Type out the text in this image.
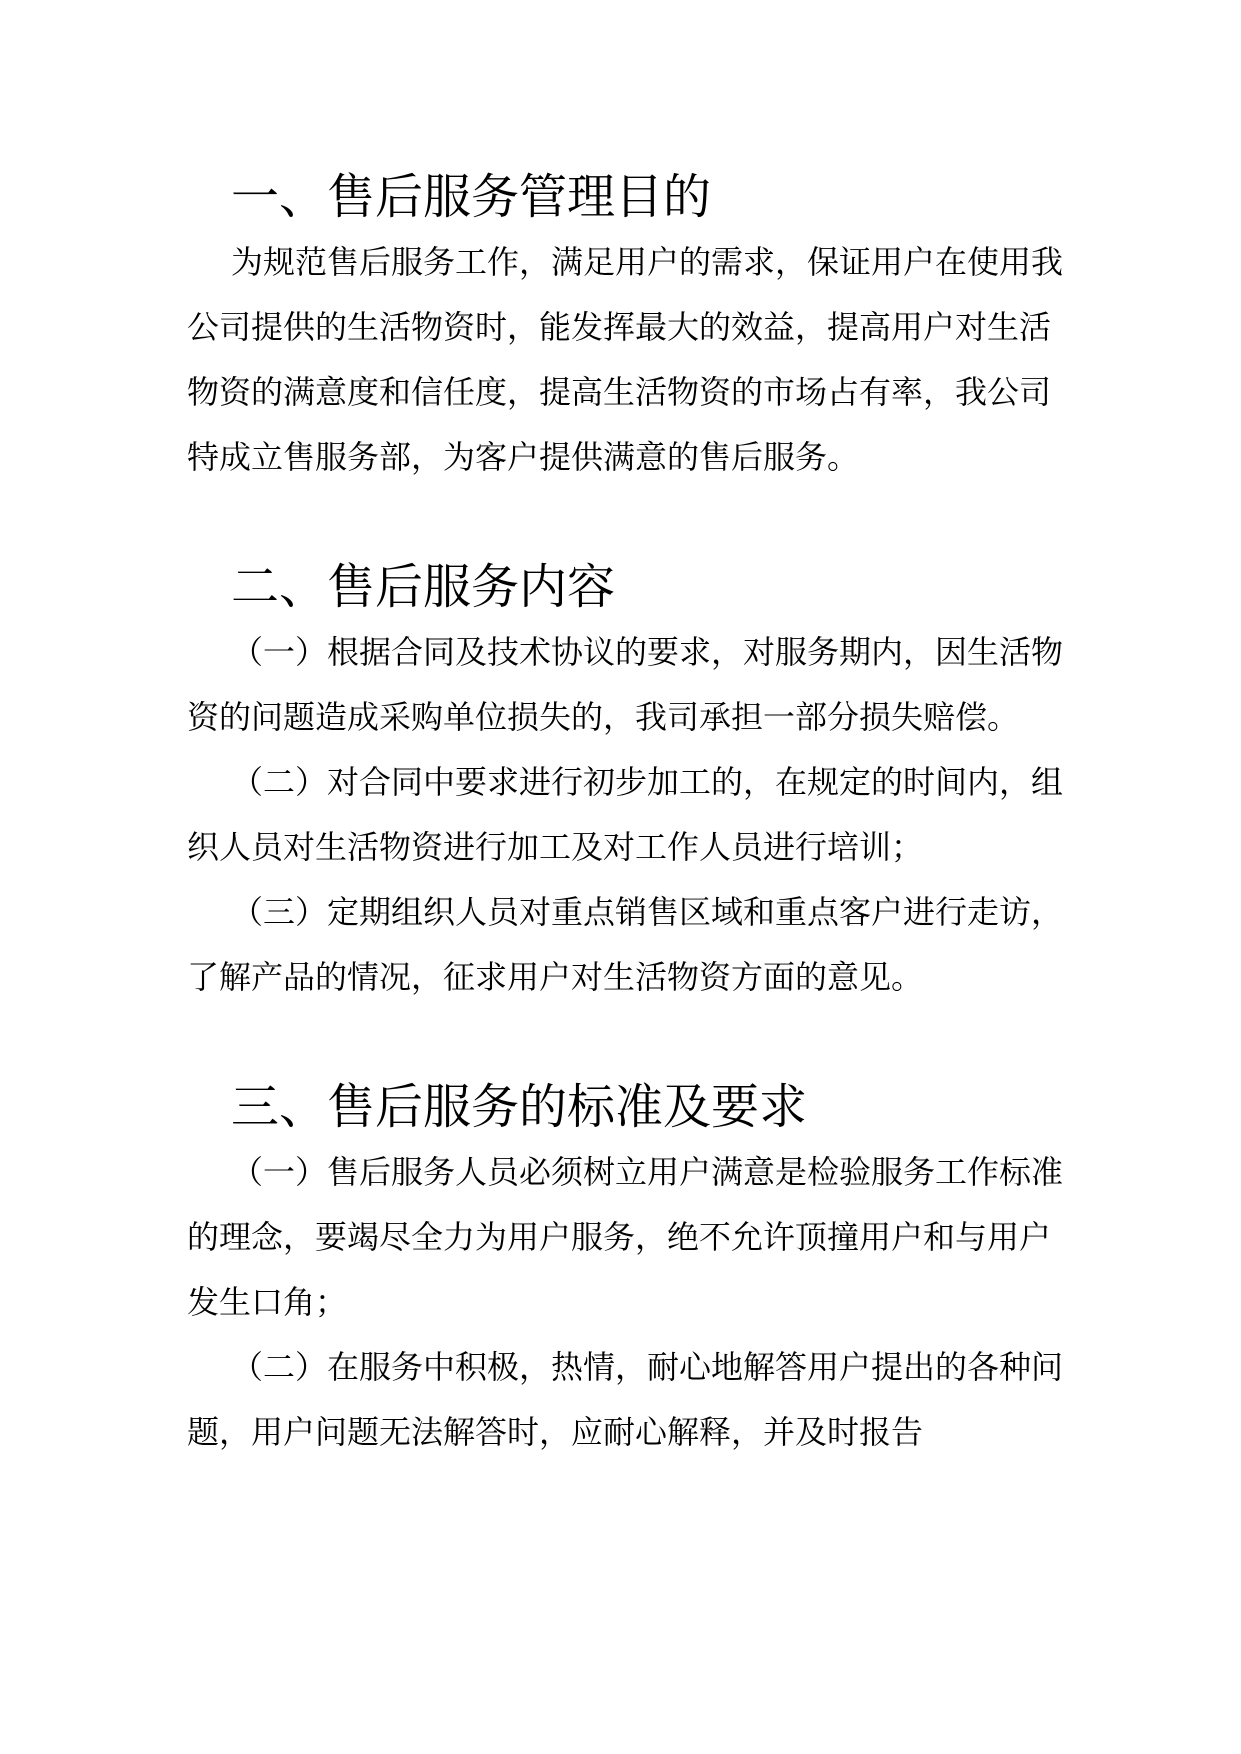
一、售后服务管理目的

为规范售后服务工作，满足用户的需求，保证用户在使用我公司提供的生活物资时，能发挥最大的效益，提高用户对生活物资的满意度和信任度，提高生活物资的市场占有率，我公司特成立售服务部，为客户提供满意的售后服务。

二、售后服务内容

（一）根据合同及技术协议的要求，对服务期内，因生活物资的问题造成采购单位损失的，我司承担一部分损失赔偿。

（二）对合同中要求进行初步加工的，在规定的时间内，组织人员对生活物资进行加工及对工作人员进行培训；

（三）定期组织人员对重点销售区域和重点客户进行走访，了解产品的情况，征求用户对生活物资方面的意见。

三、售后服务的标准及要求

（一）售后服务人员必须树立用户满意是检验服务工作标准的理念，要竭尽全力为用户服务，绝不允许顶撞用户和与用户发生口角；

（二）在服务中积极，热情，耐心地解答用户提出的各种问题，用户问题无法解答时，应耐心解释，并及时报告
